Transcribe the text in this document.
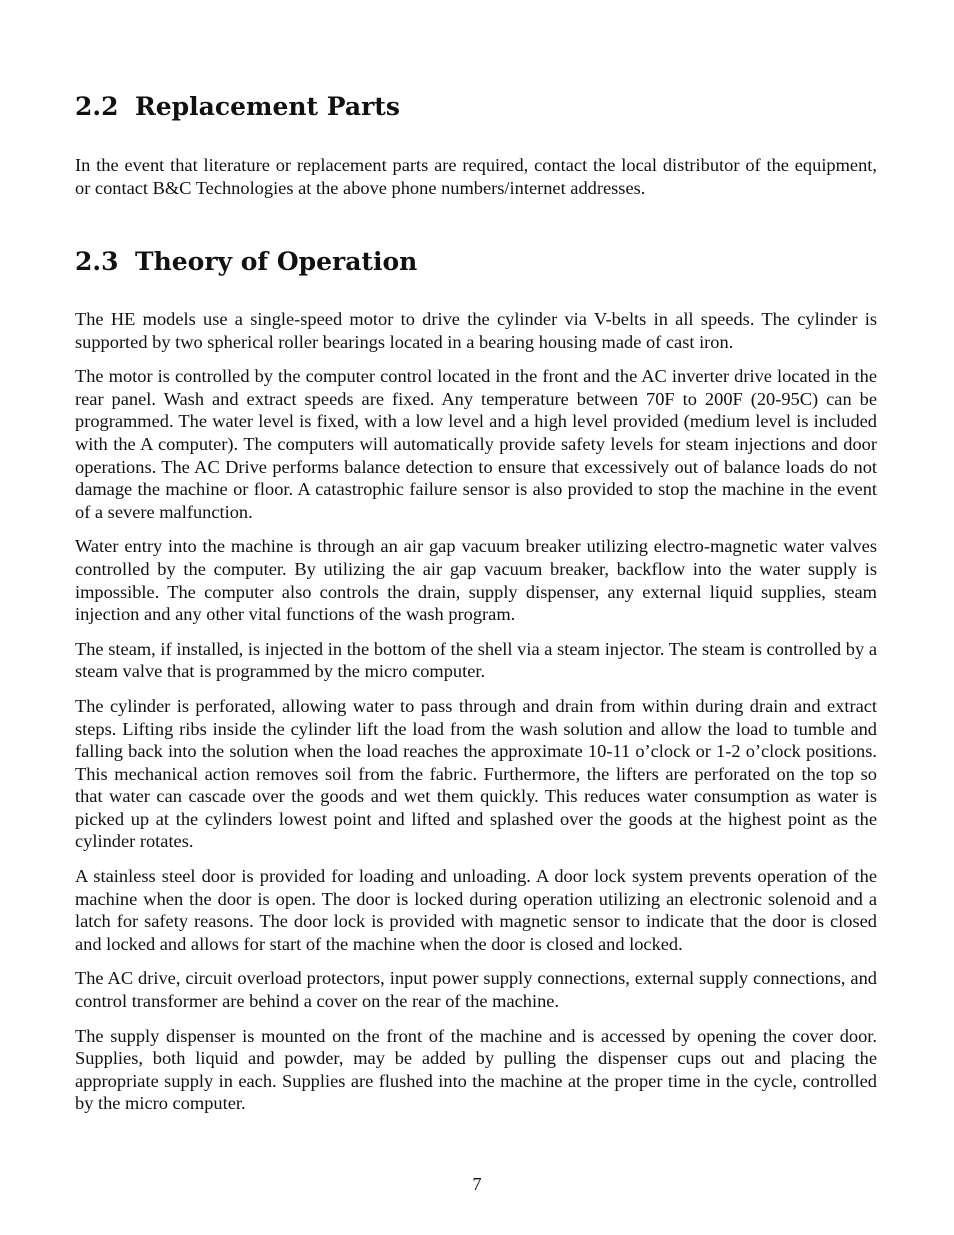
2.2 Replacement Parts

In the event that literature or replacement parts are required, contact the local distributor of the equipment, or contact B&C Technologies at the above phone numbers/internet addresses.

2.3 Theory of Operation

The HE models use a single-speed motor to drive the cylinder via V-belts in all speeds. The cylinder is supported by two spherical roller bearings located in a bearing housing made of cast iron.

The motor is controlled by the computer control located in the front and the AC inverter drive located in the rear panel. Wash and extract speeds are fixed. Any temperature between 70F to 200F (20-95C) can be programmed. The water level is fixed, with a low level and a high level provided (medium level is included with the A computer). The computers will automatically provide safety levels for steam injections and door operations. The AC Drive performs balance detection to ensure that excessively out of balance loads do not damage the machine or floor. A catastrophic failure sensor is also provided to stop the machine in the event of a severe malfunction.

Water entry into the machine is through an air gap vacuum breaker utilizing electro-magnetic water valves controlled by the computer. By utilizing the air gap vacuum breaker, backflow into the water supply is impossible. The computer also controls the drain, supply dispenser, any external liquid supplies, steam injection and any other vital functions of the wash program.

The steam, if installed, is injected in the bottom of the shell via a steam injector. The steam is controlled by a steam valve that is programmed by the micro computer.

The cylinder is perforated, allowing water to pass through and drain from within during drain and extract steps. Lifting ribs inside the cylinder lift the load from the wash solution and allow the load to tumble and falling back into the solution when the load reaches the approximate 10-11 o’clock or 1-2 o’clock positions. This mechanical action removes soil from the fabric. Furthermore, the lifters are perforated on the top so that water can cascade over the goods and wet them quickly. This reduces water consumption as water is picked up at the cylinders lowest point and lifted and splashed over the goods at the highest point as the cylinder rotates.

A stainless steel door is provided for loading and unloading. A door lock system prevents operation of the machine when the door is open. The door is locked during operation utilizing an electronic solenoid and a latch for safety reasons. The door lock is provided with magnetic sensor to indicate that the door is closed and locked and allows for start of the machine when the door is closed and locked.

The AC drive, circuit overload protectors, input power supply connections, external supply connections, and control transformer are behind a cover on the rear of the machine.

The supply dispenser is mounted on the front of the machine and is accessed by opening the cover door. Supplies, both liquid and powder, may be added by pulling the dispenser cups out and placing the appropriate supply in each. Supplies are flushed into the machine at the proper time in the cycle, controlled by the micro computer.

7
